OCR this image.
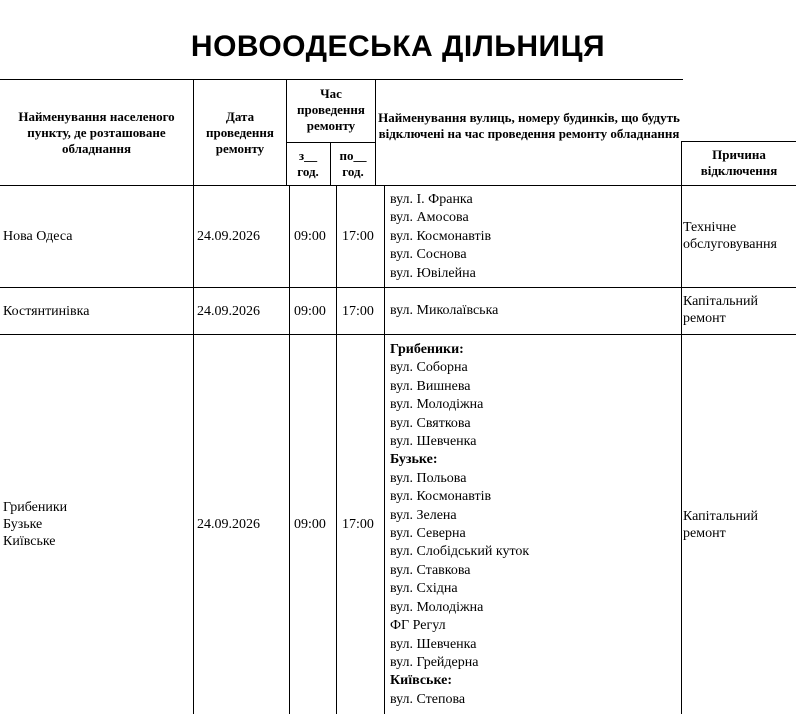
НОВООДЕСЬКА ДІЛЬНИЦЯ
Найменування населеного пункту, де розташоване обладнання
Дата проведення ремонту
Час проведення ремонту
з__ год.
по__ год.
Найменування вулиць, номеру будинків, що будуть відключені на час проведення ремонту обладнання
Причина відключення
Нова Одеса	24.09.2026 09:00 17:00
вул. І. Франка
вул. Амосова
вул. Космонавтів
вул. Соснова
вул. Ювілейна
Технічне обслуговування
Костянтинівка	24.09.2026 09:00 17:00 вул. Миколаївська
Капітальний ремонт
Грибеники
Бузьке
Київське
24.09.2026 09:00 17:00
Грибеники:
вул. Соборна
вул. Вишнева
вул. Молодіжна
вул. Святкова
вул. Шевченка
Бузьке:
вул. Польова
вул. Космонавтів
вул. Зелена
вул. Северна
вул. Слобідський куток
вул. Ставкова
вул. Східна
вул. Молодіжна
ФГ Регул
вул. Шевченка
вул. Грейдерна
Київське:
вул. Степова
Капітальний ремонт
